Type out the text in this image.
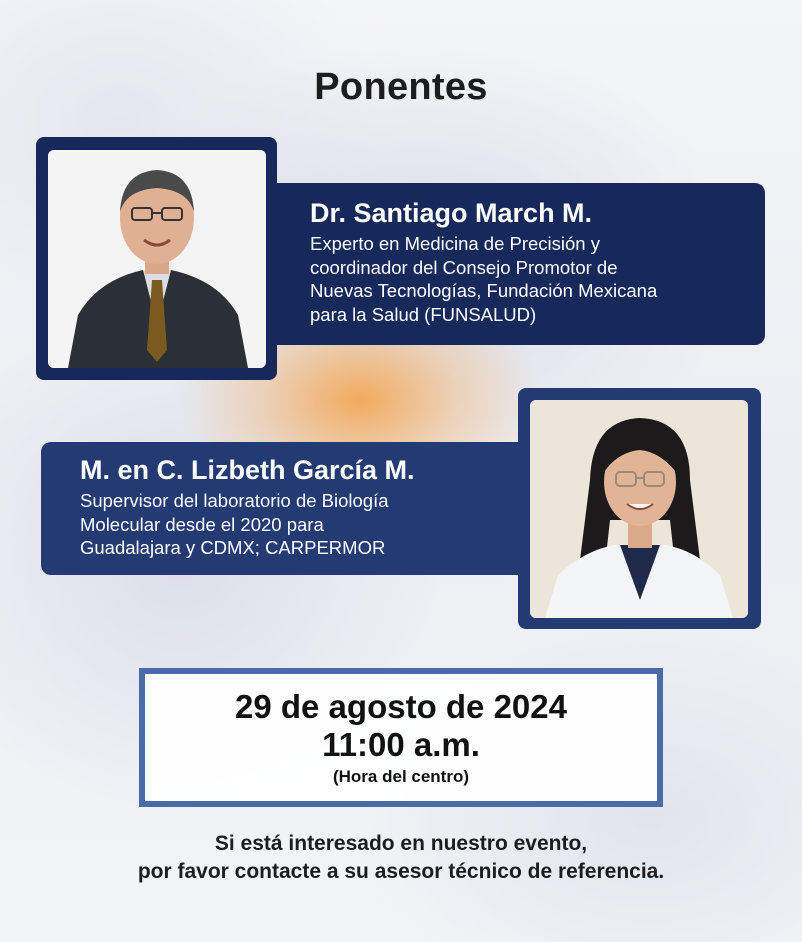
Ponentes
Dr. Santiago March M.
Experto en Medicina de Precisión y
coordinador del Consejo Promotor de
Nuevas Tecnologías, Fundación Mexicana
para la Salud (FUNSALUD)
M. en C. Lizbeth García M.
Supervisor del laboratorio de Biología
Molecular desde el 2020 para
Guadalajara y CDMX; CARPERMOR
29 de agosto de 2024
11:00 a.m.
(Hora del centro)
Si está interesado en nuestro evento,
por favor contacte a su asesor técnico de referencia.
